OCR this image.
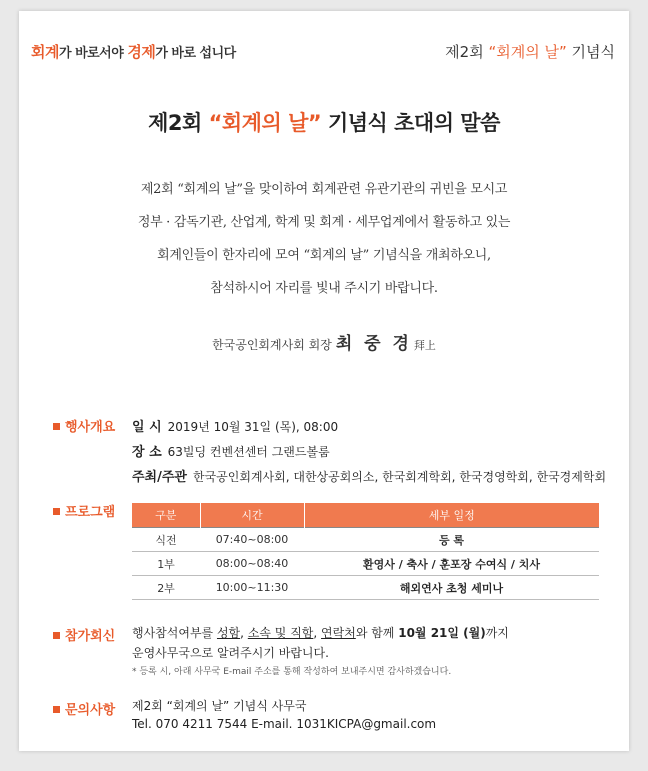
회계가 바로서야 경제가 바로 섭니다	제2회 “회계의 날” 기념식
제2회 “회계의 날” 기념식 초대의 말씀
제2회 “회계의 날”을 맞이하여 회계관련 유관기관의 귀빈을 모시고
정부 · 감독기관, 산업계, 학계 및 회계 · 세무업계에서 활동하고 있는
회계인들이 한자리에 모여 “회계의 날” 기념식을 개최하오니,
참석하시어 자리를 빛내 주시기 바랍니다.
한국공인회계사회 회장 최 중 경 拜上
행사개요 일 시 2019년 10월 31일 (목), 08:00
장 소 63빌딩 컨벤션센터 그랜드볼룸
주최/주관 한국공인회계사회, 대한상공회의소, 한국회계학회, 한국경영학회, 한국경제학회
프로그램	구분	시간	세부 일정
식전	07:40~08:00	등 록
1부	08:00~08:40	환영사 / 축사 / 훈포장 수여식 / 치사
2부	10:00~11:30	해외연사 초청 세미나
참가회신 행사참석여부를 성함, 소속 및 직함, 연락처와 함께 10월 21일 (월)까지
운영사무국으로 알려주시기 바랍니다.
* 등록 시, 아래 사무국 E-mail 주소를 통해 작성하여 보내주시면 감사하겠습니다.
문의사항 제2회 “회계의 날” 기념식 사무국
Tel. 070 4211 7544 E-mail. 1031KICPA@gmail.com
